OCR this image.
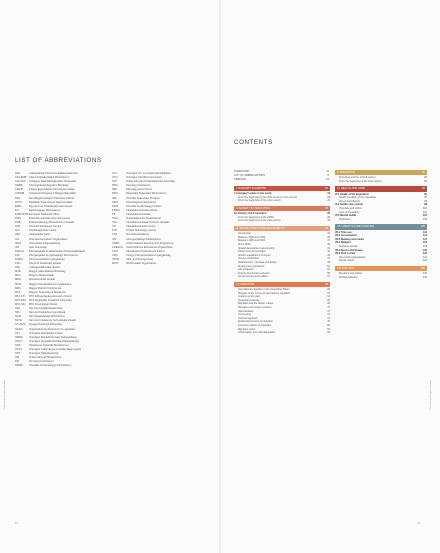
LIST OF ABBREVIATIONS
ADA	Lakóépületek Közműves Ellátás Ateliersza	OVI	Országos Víz- és Csatornaszolgáltatás
ÁFÁ EMB	Állami Foglalkoztatási Minisztérium	OTH	Országos Tisztifőorvosi Hivatal
ALKOSZ	A Magyar Településfejlesztési Tanácsadó	ÖTF	Önkormányzati Területfejlesztési Főosztály
CEEB	Közép-Európai Egyetem Bizottság	PFM	Pénzügyminisztérium
CEFIB	Cigány Egyesületek Fórumának Irodája	PÉF	Pécsi Egyetemi Fórum
CSKMB	Cselekvési Program a Magyar Bányákért	RFM	Regionális Fejlesztési Miniszterium
DIKI	Dél-Magyarországi Közlekedési Intézet	SZF	Szociális Fejlesztési Program
DTNY	Délalföldi Tudományos Népszámlálás	SZKI	Szociológiai Kutatóintézet
EMSI	Egyetemi és Szakiskolai Intézmények	SZMI	Szociális és Munkaügyi Intézet
EÜ	Egészségügyi Minisztérium	TÁRKI	Társadalomkutatási Intézet
EUROSTAT European Statistical Office	TB	Társadalombiztosítás
FIDH	Fiatal Demokraták Helyi Szervezete	TEKI	Területfejlesztési Kutatóintézet
FMIH	Földművelésügyi Minisztérium Hivatala	TKH	Társadalomkutatási Központ Hivatala
FMT	Fővárosi Munkaügyi Tanács	TKI	Társadalomkutató Intézet
GKI	Gazdaságkutató Intézet	TMI	Területi Munkaügyi Intézet
HÉV	Helyiérdekű Vasút	TSZ	Termelőszövetkezet
ILO	International Labour Organization	ÜKI	Üzemgazdasági Kutatóintézet
INFO	Információs Főigazgatóság	UNDP	United Nations Development Programme
ISZ	Ipari Szövetség	UNESCO	United Nations Educational Organization
KEKKH	Közigazgatási és Elektronikus Közszolgáltatások	VÁTI	Városépítési Tudományos Intézet
KIM	Közigazgatási és Igazságügyi Minisztérium	VKKI	Vízügyi Környezetvédelmi Igazgatóság
KÖZIG	Környezetvédelmi Igazgatóság	VPOP	Vám- és Pénzügyőrség
KSH	Központi Statisztikai Hivatal	WHO	World Health Organization
LBH	Lakásgazdálkodási Hivatal
MAB	Magyar Akkreditációs Bizottság
MÁV	Magyar Államvasutak
MEH	Miniszterelnöki Hivatal
MKIK	Magyar Kereskedelmi és Iparkamara
MRK	Magyar Rektori Konferencia
MTA	Magyar Tudományos Akadémia
MTA KTI	MTA Közgazdaság-tudományi Intézet
MTA RKK	MTA Regionális Kutatások Központja
MTA SZI	MTA Szociológiai Intézet
NFA	Nemzeti Foglalkoztatási Alap
NFÜ	Nemzeti Fejlesztési Ügynökség
NGM	Nemzetgazdasági Minisztérium
NKTH	Nemzeti Kutatási és Technológiai Hivatal
NYUSZÖ	Nyugat-Dunántúli Szövetség
OECD	Organisation for Economic Co-operation
OKI	Országos Közoktatási Intézet
OMMF	Országos Munkabiztonsági Felügyelőség
ONYF	Országos Nyugdíjbiztosítási Főigazgatóság
OOK	Oktatási és Kulturális Minisztérium
OTKA	Országos Tudományos Kutatási Alapprogram
OTP	Országos Takarékpénztár
ÖM	Önkormányzati Minisztérium
PM	Pénzügyminisztérium
SZMM	Szociális és Munkaügyi Minisztérium
Contemporary Hungarian Society
8 |
CONTENTS
FOREWORD	11
LIST OF ABBREVIATIONS	8
PREFACE	13
I. HUNGARY IN EUROPE	15
I.1 Hungary's place in the world	16
From the beginning of the 20th century to the present	18
From the beginning of the 21st century	22
II. SOCIETY IN TRANSITION	25
II.1 History of the transition	26
From the beginning of the 1990s	28
From the beginning of the 21st century	30
III. SOCIAL STRUCTURE AND MOBILITY	33
Introduction	34
Between 1945 and 1990	35
Between 1990 and 2000	37
Since 2000	39
Spatial development and poverty	41
Urban and rural societies	43
Social inequalities in Hungary	45
Income distribution	47
Relationships, marriage and family	49
Employment and labour	51
Life prospects	53
Poverty and social exclusion	55
Social security and welfare	57
IV. MIGRATION	59
International migration in the Carpathian Basin	60
Hungary at the centre of international migration	62
A glance at the past	64
Hungarians abroad	66
Migration and the labour market	68
Refugees and asylum seekers	70
Naturalisation	72
Commuting	74
Internal migration	76
Spatial dimensions of migration	78
Long-term effects of migration	80
Migration policy	82
Urbanisation and suburbanisation	84
V. EDUCATION	87
Schooling and the school system	88
From the beginning of the 21st century	90
VI. HEALTH AND CARE	93
VI.1 Health of the population	94
Health condition of the population	95
Illness and lifestyle	96
VI.2 Health care system	98
Hospitals and clinics	100
Care of the elderly	102
VI.3 Mental health	104
Addictions	106
VII. LIFESTYLE AND CULTURE	109
VII.1 Time use	110
VII.2 Consumption	112
VII.3 Reading and media	114
VII.4 Religion	116
Religious activity	118
VII.5 Sports and leisure	120
VII.6 Civil society	122
Non-profit organisations	124
Social capital	126
VIII. POLITICS	129
Elections and parties	130
Political attitudes	132
Contemporary Hungarian Society
| 9
